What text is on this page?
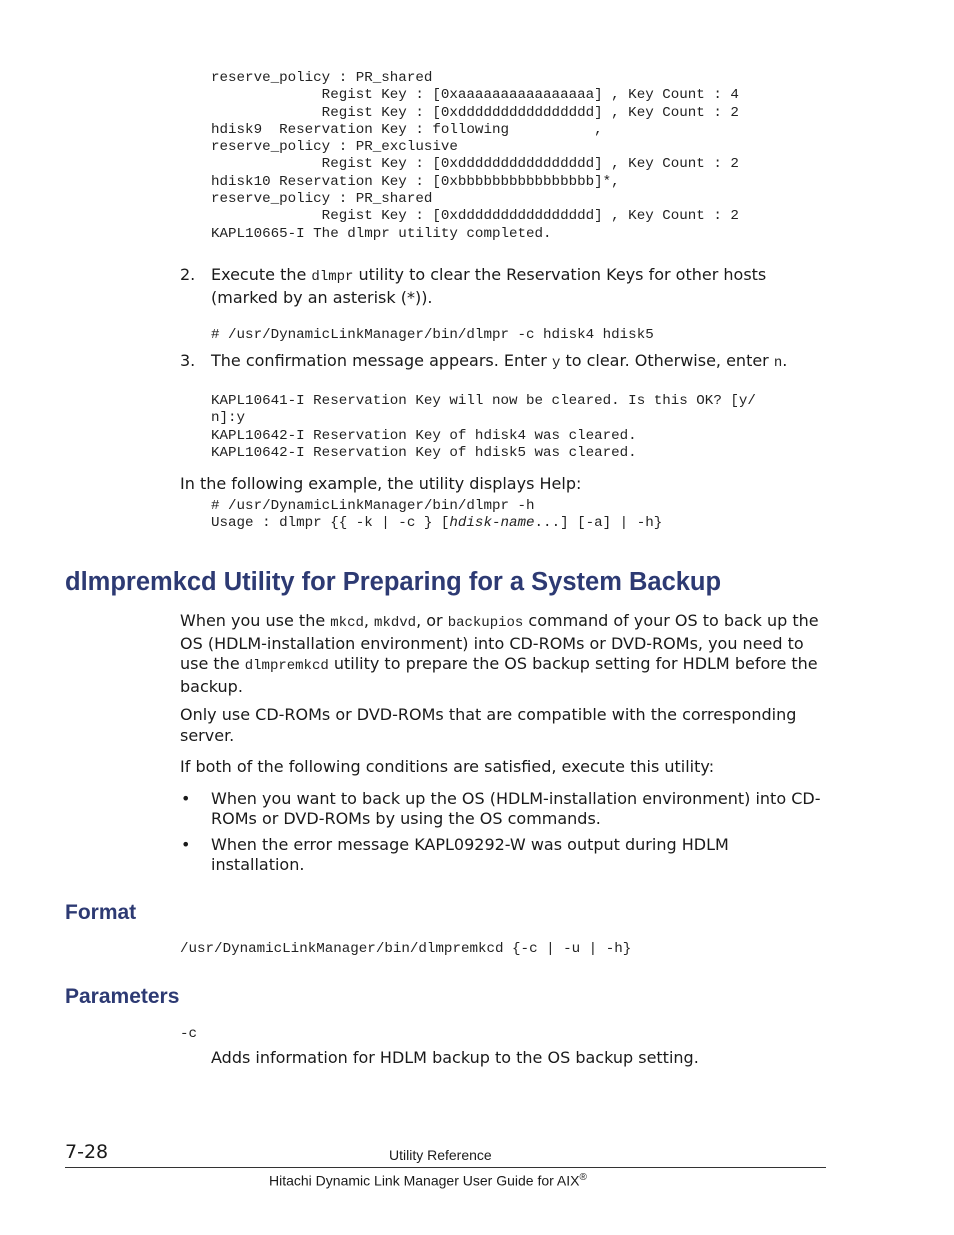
reserve_policy : PR_shared
Regist Key : [0xaaaaaaaaaaaaaaaa] , Key Count : 4
Regist Key : [0xdddddddddddddddd] , Key Count : 2
hdisk9  Reservation Key : following          ,
reserve_policy : PR_exclusive
Regist Key : [0xdddddddddddddddd] , Key Count : 2
hdisk10 Reservation Key : [0xbbbbbbbbbbbbbbbb]*,
reserve_policy : PR_shared
Regist Key : [0xdddddddddddddddd] , Key Count : 2
KAPL10665-I The dlmpr utility completed.
2. Execute the dlmpr utility to clear the Reservation Keys for other hosts (marked by an asterisk (*)).
# /usr/DynamicLinkManager/bin/dlmpr -c hdisk4 hdisk5
3. The confirmation message appears. Enter y to clear. Otherwise, enter n.
KAPL10641-I Reservation Key will now be cleared. Is this OK? [y/
n]:y
KAPL10642-I Reservation Key of hdisk4 was cleared.
KAPL10642-I Reservation Key of hdisk5 was cleared.
In the following example, the utility displays Help:
# /usr/DynamicLinkManager/bin/dlmpr -h
Usage : dlmpr {{ -k | -c } [hdisk-name...] [-a] | -h}
dlmpremkcd Utility for Preparing for a System Backup
When you use the mkcd, mkdvd, or backupios command of your OS to back up the OS (HDLM-installation environment) into CD-ROMs or DVD-ROMs, you need to use the dlmpremkcd utility to prepare the OS backup setting for HDLM before the backup.
Only use CD-ROMs or DVD-ROMs that are compatible with the corresponding server.
If both of the following conditions are satisfied, execute this utility:
• When you want to back up the OS (HDLM-installation environment) into CD-ROMs or DVD-ROMs by using the OS commands.
• When the error message KAPL09292-W was output during HDLM installation.
Format
/usr/DynamicLinkManager/bin/dlmpremkcd {-c | -u | -h}
Parameters
-c
Adds information for HDLM backup to the OS backup setting.
7-28	Utility Reference
Hitachi Dynamic Link Manager User Guide for AIX®
